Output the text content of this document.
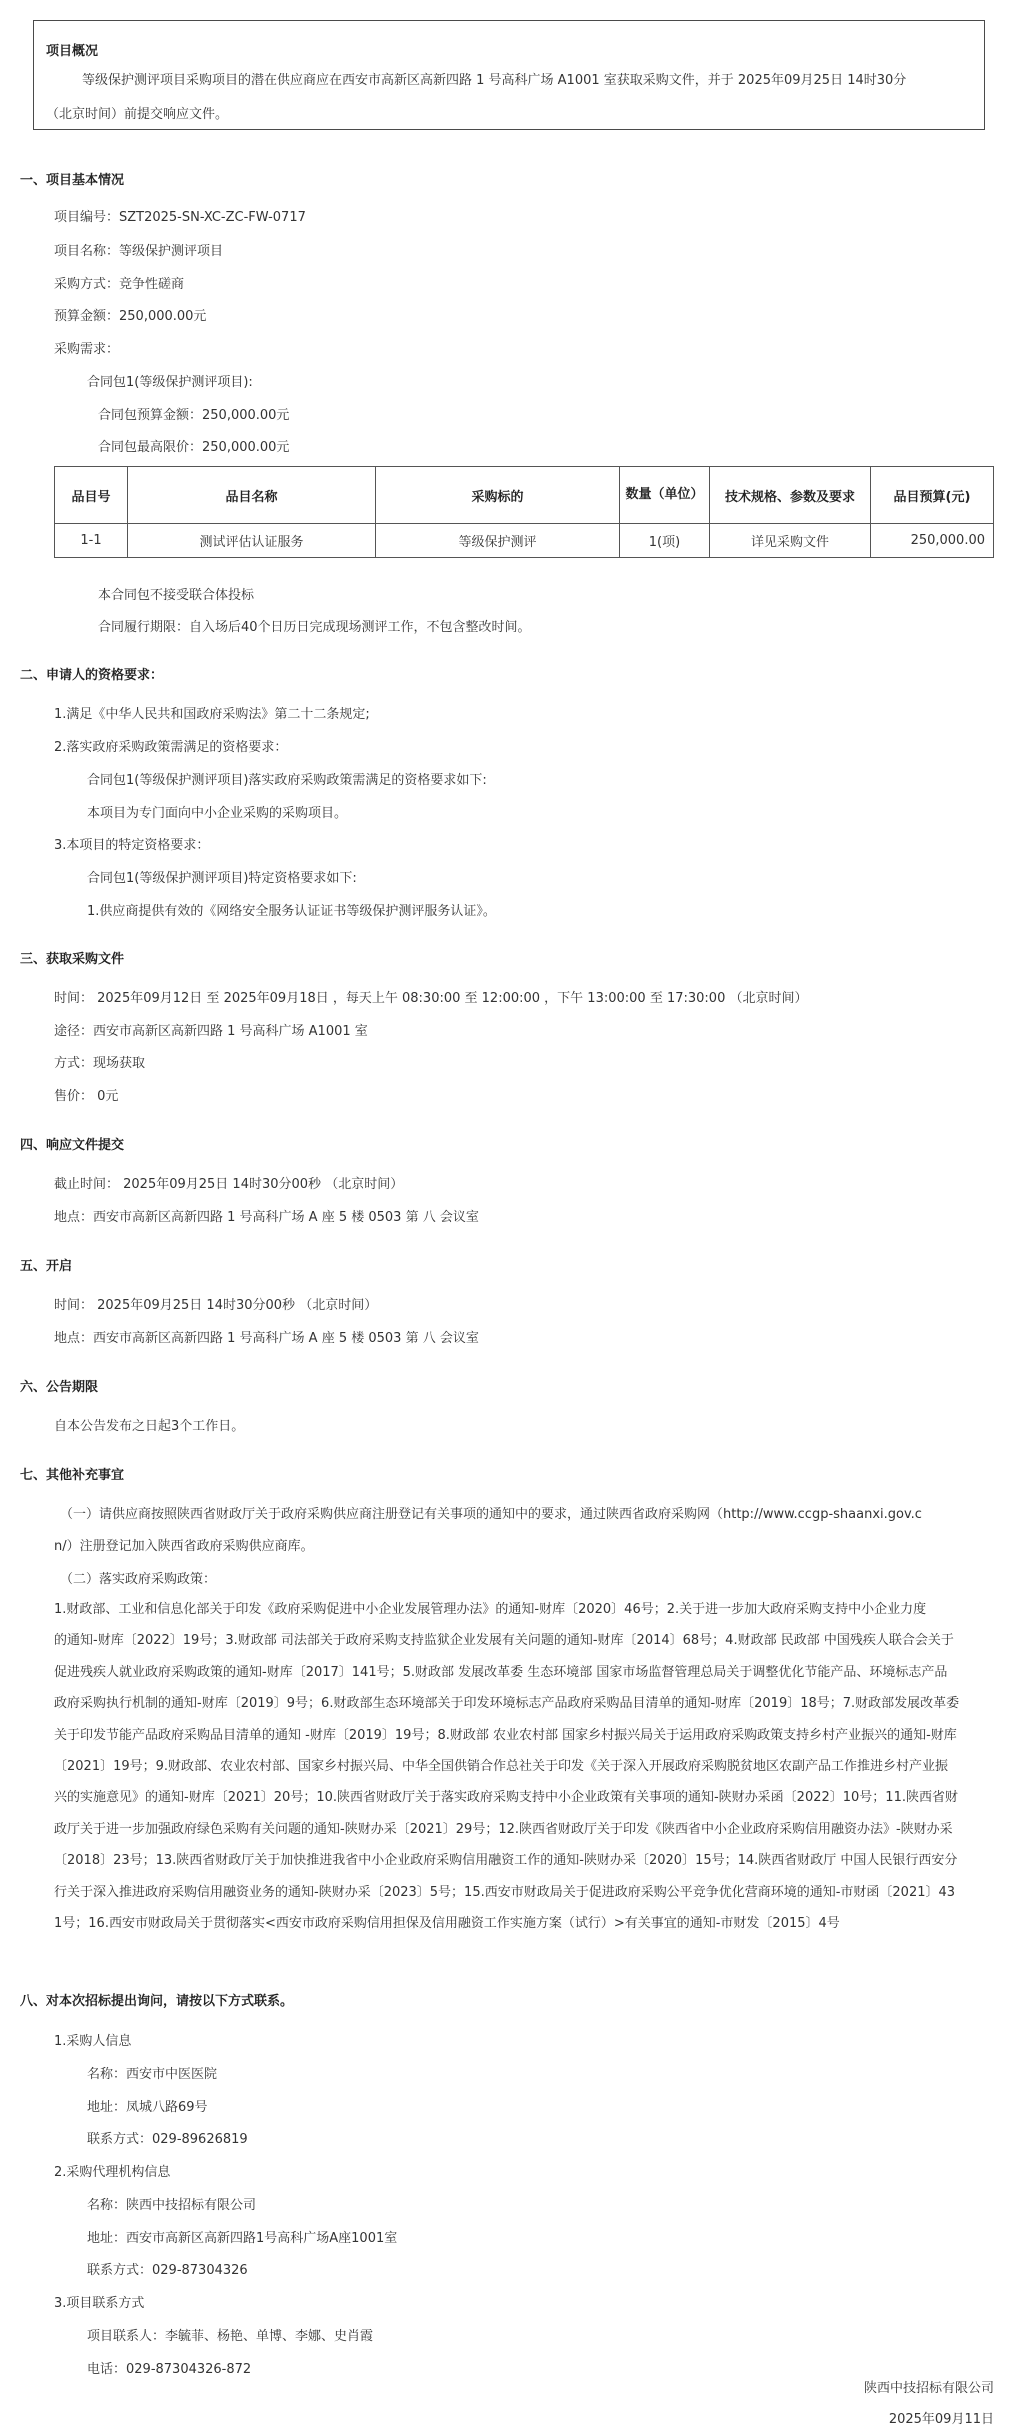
项目概况
等级保护测评项目采购项目的潜在供应商应在西安市高新区高新四路 1 号高科广场 A1001 室获取采购文件，并于 2025年09月25日 14时30分
（北京时间）前提交响应文件。
一、项目基本情况
项目编号：SZT2025-SN-XC-ZC-FW-0717
项目名称：等级保护测评项目
采购方式：竞争性磋商
预算金额：250,000.00元
采购需求：
合同包1(等级保护测评项目):
合同包预算金额：250,000.00元
合同包最高限价：250,000.00元
品目号	品目名称	采购标的	数量（单位）	技术规格、参数及要求	品目预算(元)
1-1	测试评估认证服务	等级保护测评	1(项)	详见采购文件	250,000.00
本合同包不接受联合体投标
合同履行期限：自入场后40个日历日完成现场测评工作，不包含整改时间。
二、申请人的资格要求：
1.满足《中华人民共和国政府采购法》第二十二条规定;
2.落实政府采购政策需满足的资格要求：
合同包1(等级保护测评项目)落实政府采购政策需满足的资格要求如下:
本项目为专门面向中小企业采购的采购项目。
3.本项目的特定资格要求：
合同包1(等级保护测评项目)特定资格要求如下:
1.供应商提供有效的《网络安全服务认证证书等级保护测评服务认证》。
三、获取采购文件
时间： 2025年09月12日 至 2025年09月18日 ，每天上午 08:30:00 至 12:00:00 ，下午 13:00:00 至 17:30:00 （北京时间）
途径：西安市高新区高新四路 1 号高科广场 A1001 室
方式：现场获取
售价： 0元
四、响应文件提交
截止时间： 2025年09月25日 14时30分00秒 （北京时间）
地点：西安市高新区高新四路 1 号高科广场 A 座 5 楼 0503 第 八 会议室
五、开启
时间： 2025年09月25日 14时30分00秒 （北京时间）
地点：西安市高新区高新四路 1 号高科广场 A 座 5 楼 0503 第 八 会议室
六、公告期限
自本公告发布之日起3个工作日。
七、其他补充事宜
（一）请供应商按照陕西省财政厅关于政府采购供应商注册登记有关事项的通知中的要求，通过陕西省政府采购网（http://www.ccgp-shaanxi.gov.c
n/）注册登记加入陕西省政府采购供应商库。
（二）落实政府采购政策：
1.财政部、工业和信息化部关于印发《政府采购促进中小企业发展管理办法》的通知-财库〔2020〕46号；2.关于进一步加大政府采购支持中小企业力度
的通知-财库〔2022〕19号；3.财政部 司法部关于政府采购支持监狱企业发展有关问题的通知-财库〔2014〕68号；4.财政部 民政部 中国残疾人联合会关于
促进残疾人就业政府采购政策的通知-财库〔2017〕141号；5.财政部 发展改革委 生态环境部 国家市场监督管理总局关于调整优化节能产品、环境标志产品
政府采购执行机制的通知-财库〔2019〕9号；6.财政部生态环境部关于印发环境标志产品政府采购品目清单的通知-财库〔2019〕18号；7.财政部发展改革委
关于印发节能产品政府采购品目清单的通知 -财库〔2019〕19号；8.财政部 农业农村部 国家乡村振兴局关于运用政府采购政策支持乡村产业振兴的通知-财库
〔2021〕19号；9.财政部、农业农村部、国家乡村振兴局、中华全国供销合作总社关于印发《关于深入开展政府采购脱贫地区农副产品工作推进乡村产业振
兴的实施意见》的通知-财库〔2021〕20号；10.陕西省财政厅关于落实政府采购支持中小企业政策有关事项的通知-陕财办采函〔2022〕10号；11.陕西省财
政厅关于进一步加强政府绿色采购有关问题的通知-陕财办采〔2021〕29号；12.陕西省财政厅关于印发《陕西省中小企业政府采购信用融资办法》-陕财办采
〔2018〕23号；13.陕西省财政厅关于加快推进我省中小企业政府采购信用融资工作的通知-陕财办采〔2020〕15号；14.陕西省财政厅 中国人民银行西安分
行关于深入推进政府采购信用融资业务的通知-陕财办采〔2023〕5号；15.西安市财政局关于促进政府采购公平竞争优化营商环境的通知-市财函〔2021〕43
1号；16.西安市财政局关于贯彻落实<西安市政府采购信用担保及信用融资工作实施方案（试行）>有关事宜的通知-市财发〔2015〕4号
八、对本次招标提出询问，请按以下方式联系。
1.采购人信息
名称：西安市中医医院
地址：凤城八路69号
联系方式：029-89626819
2.采购代理机构信息
名称：陕西中技招标有限公司
地址：西安市高新区高新四路1号高科广场A座1001室
联系方式：029-87304326
3.项目联系方式
项目联系人：李毓菲、杨艳、单博、李娜、史肖霞
电话：029-87304326-872
陕西中技招标有限公司
2025年09月11日
